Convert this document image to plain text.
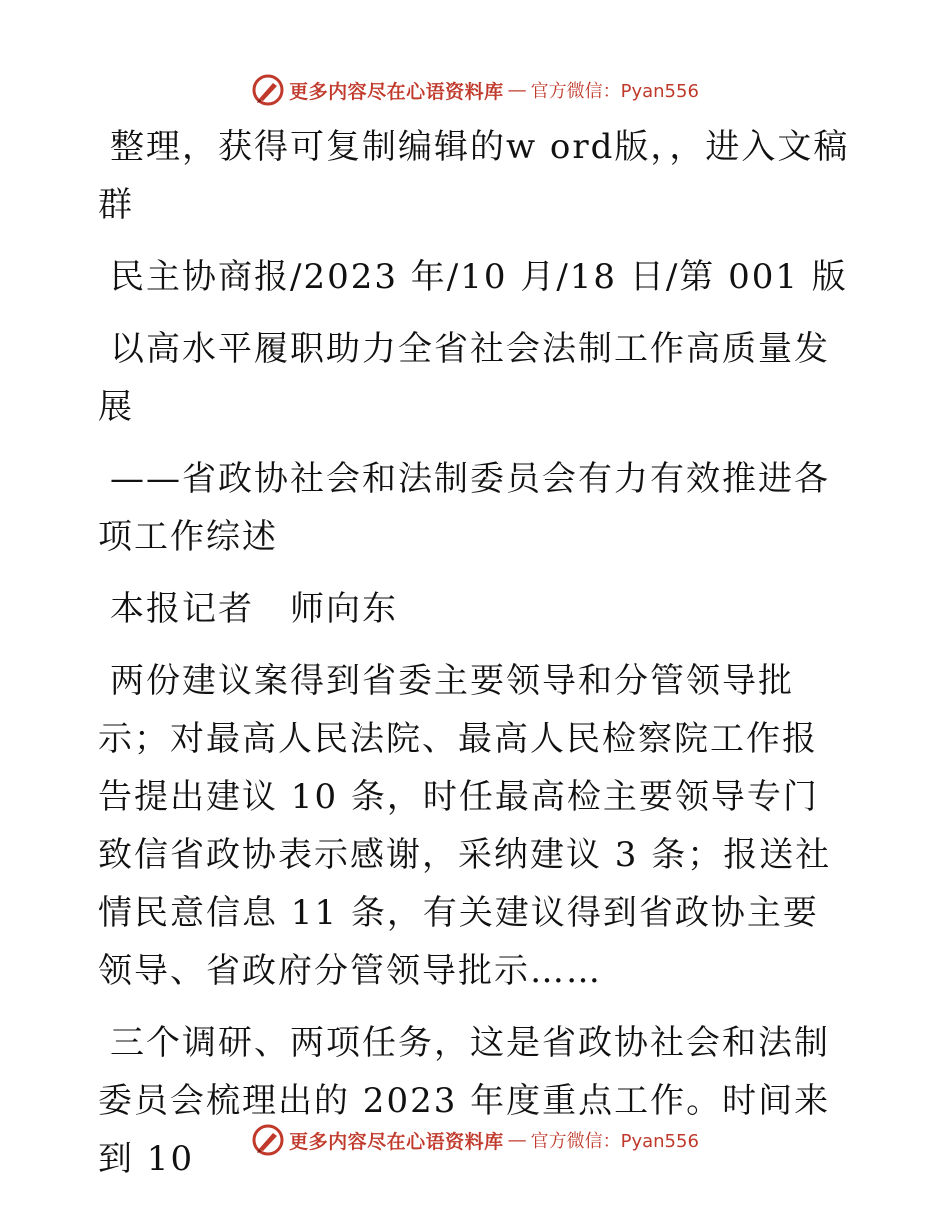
更多内容尽在心语资料库 — 官方微信：Pyan556

整理，获得可复制编辑的w ord版，，进入文稿群

民主协商报/2023 年/10 月/18 日/第 001 版

以高水平履职助力全省社会法制工作高质量发展

——省政协社会和法制委员会有力有效推进各项工作综述

本报记者　师向东

两份建议案得到省委主要领导和分管领导批示；对最高人民法院、最高人民检察院工作报告提出建议 10 条，时任最高检主要领导专门致信省政协表示感谢，采纳建议 3 条；报送社情民意信息 11 条，有关建议得到省政协主要领导、省政府分管领导批示……

三个调研、两项任务，这是省政协社会和法制委员会梳理出的 2023 年度重点工作。时间来到 10	更多内容尽在心语资料库 — 官方微信：Pyan556
